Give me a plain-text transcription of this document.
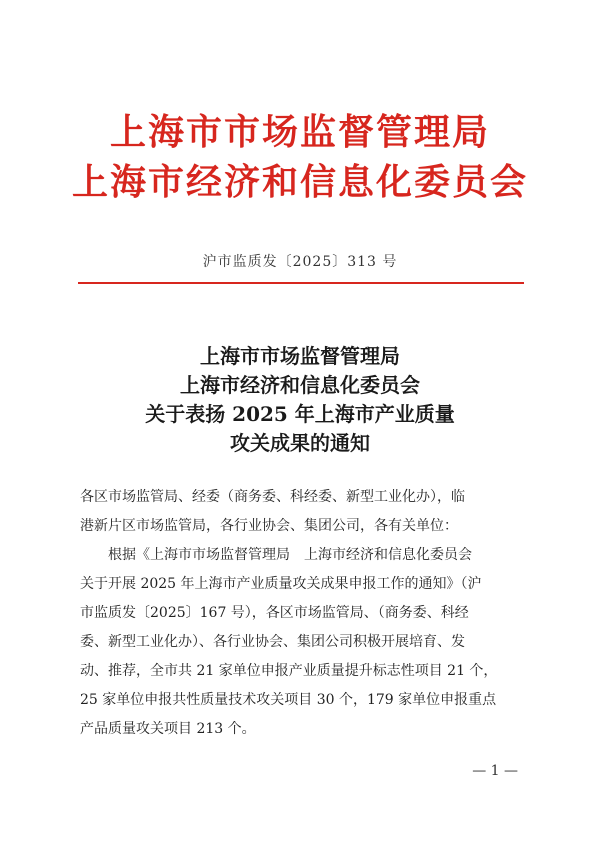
上海市市场监督管理局
上海市经济和信息化委员会
沪市监质发〔2025〕313 号
上海市市场监督管理局
上海市经济和信息化委员会
关于表扬 2025 年上海市产业质量
攻关成果的通知
各区市场监管局、经委（商务委、科经委、新型工业化办），临
港新片区市场监管局，各行业协会、集团公司，各有关单位：
根据《上海市市场监督管理局　上海市经济和信息化委员会
关于开展 2025 年上海市产业质量攻关成果申报工作的通知》（沪
市监质发〔2025〕167 号），各区市场监管局、（商务委、科经
委、新型工业化办）、各行业协会、集团公司积极开展培育、发
动、推荐，全市共 21 家单位申报产业质量提升标志性项目 21 个，
25 家单位申报共性质量技术攻关项目 30 个，179 家单位申报重点
产品质量攻关项目 213 个。
— 1 —
